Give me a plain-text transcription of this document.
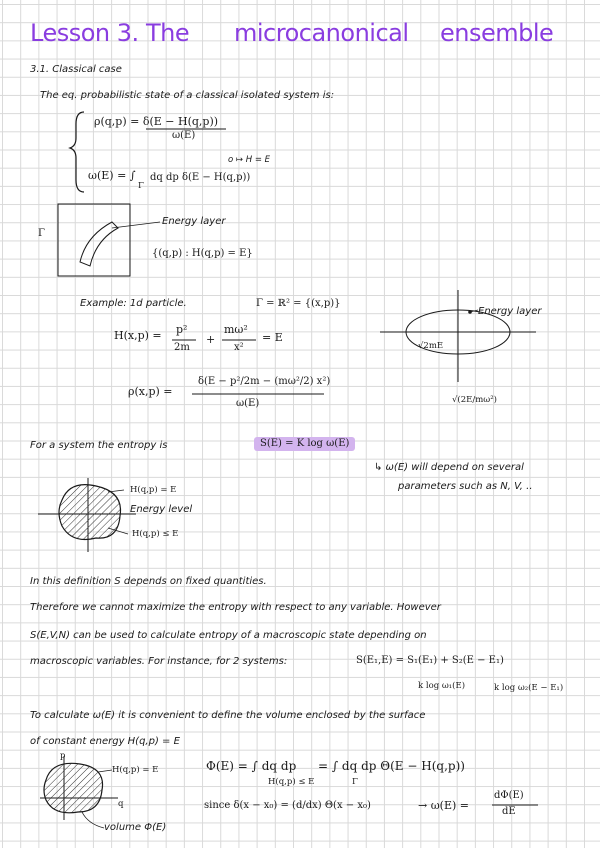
Lesson 3. The microcanonical ensemble
3.1. Classical case
The eq. probabilistic state of a classical isolated system is:
ρ(q,p) = δ(E − H(q,p))
ω(E)
ω(E) = ∫
Γ
dq dp δ(E − H(q,p))
o ↦ H = E
Γ
Energy layer
{(q,p) : H(q,p) = E}
Example: 1d particle.	Γ = ℝ² = {(x,p)}
H(x,p) = p²
2m
+
mω²
x²
= E
ρ(x,p) =
δ(E − p²/2m − (mω²/2) x²)
ω(E)
Energy layer
√2mE
√(2E/mω²)
For a system the entropy is	S(E) = K log ω(E)
↳ ω(E) will depend on several
parameters such as N, V, ..
H(q,p) = E
Energy level
H(q,p) ≤ E
In this definition S depends on fixed quantities.
Therefore we cannot maximize the entropy with respect to any variable. However
S(E,V,N) can be used to calculate entropy of a macroscopic state depending on
macroscopic variables. For instance, for 2 systems:	S(E₁,E) = S₁(E₁) + S₂(E − E₁)
k log ω₁(E)	k log ω₂(E − E₁)
To calculate ω(E) it is convenient to define the volume enclosed by the surface
of constant energy H(q,p) = E
Φ(E) = ∫ dq dp
H(q,p) ≤ E
= ∫ dq dp Θ(E − H(q,p))
Γ
since δ(x − x₀) = (d/dx) Θ(x − x₀)	→ ω(E) =
dΦ(E)
dE
p
q
H(q,p) = E
volume Φ(E)
